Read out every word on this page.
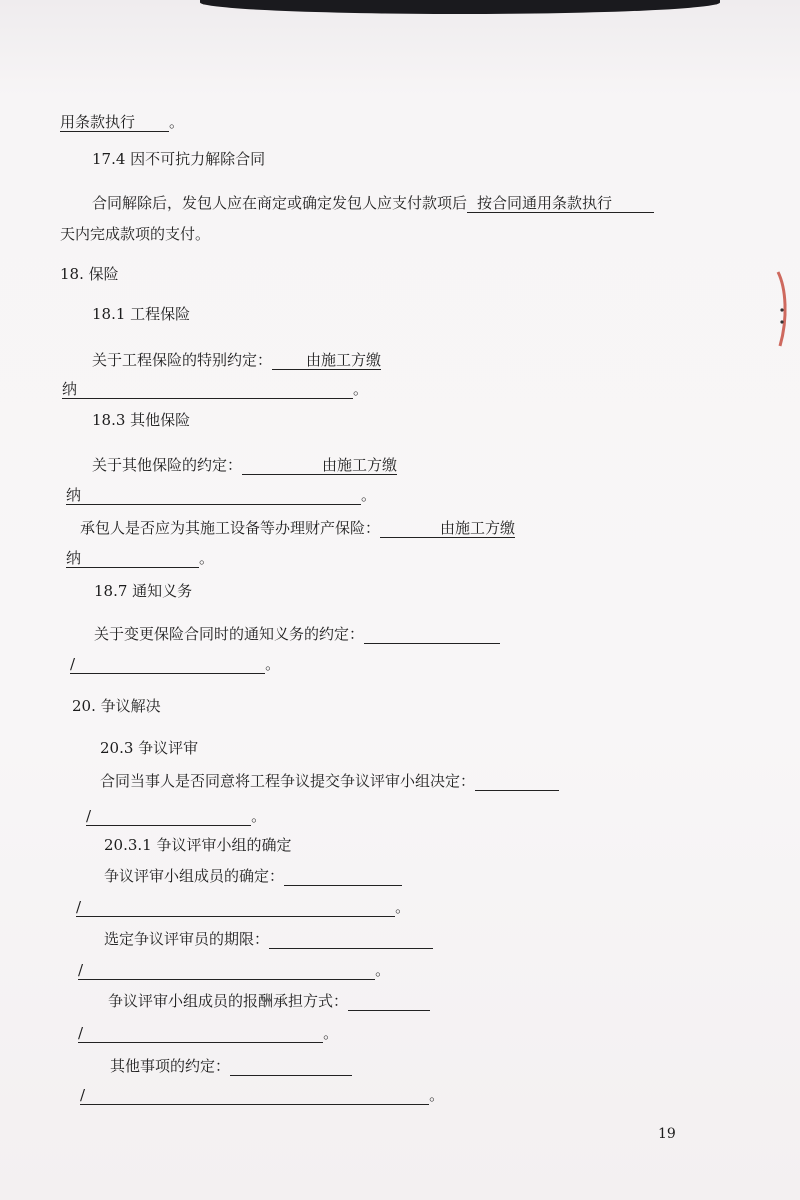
用条款执行 。
17.4 因不可抗力解除合同
合同解除后，发包人应在商定或确定发包人应支付款项后 按合同通用条款执行
天内完成款项的支付。
18. 保险
18.1 工程保险
关于工程保险的特别约定： 由施工方缴
纳	。
18.3 其他保险
关于其他保险的约定：	由施工方缴
纳	。
承包人是否应为其施工设备等办理财产保险：	由施工方缴
纳	。
18.7 通知义务
关于变更保险合同时的通知义务的约定：
/	。
20. 争议解决
20.3 争议评审
合同当事人是否同意将工程争议提交争议评审小组决定：
/	。
20.3.1 争议评审小组的确定
争议评审小组成员的确定：
/	。
选定争议评审员的期限：
/	。
争议评审小组成员的报酬承担方式：
/	。
其他事项的约定：
/	。
19
